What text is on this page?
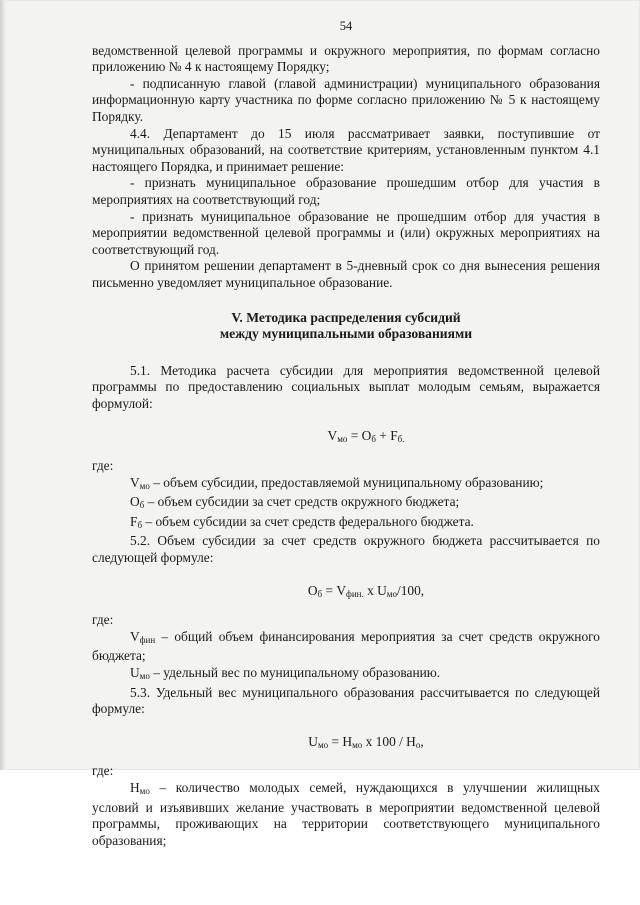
54

ведомственной целевой программы и окружного мероприятия, по формам согласно приложению № 4 к настоящему Порядку;

- подписанную главой (главой администрации) муниципального образования информационную карту участника по форме согласно приложению № 5 к настоящему Порядку.

4.4. Департамент до 15 июля рассматривает заявки, поступившие от муниципальных образований, на соответствие критериям, установленным пунктом 4.1 настоящего Порядка, и принимает решение:

- признать муниципальное образование прошедшим отбор для участия в мероприятиях на соответствующий год;

- признать муниципальное образование не прошедшим отбор для участия в мероприятии ведомственной целевой программы и (или) окружных мероприятиях на соответствующий год.

О принятом решении департамент в 5-дневный срок со дня вынесения решения письменно уведомляет муниципальное образование.

V. Методика распределения субсидий
между муниципальными образованиями

5.1. Методика расчета субсидии для мероприятия ведомственной целевой программы по предоставлению социальных выплат молодым семьям, выражается формулой:

$V_{мо} = O_б + F_{б.}$

где:

$V_{мо}$ – объем субсидии, предоставляемой муниципальному образованию;

$O_б$ – объем субсидии за счет средств окружного бюджета;

$F_б$ – объем субсидии за счет средств федерального бюджета.

5.2. Объем субсидии за счет средств окружного бюджета рассчитывается по следующей формуле:

$O_б = V_{фин.}$ x $U_{мо}/100$,

где:

$V_{фин}$ – общий объем финансирования мероприятия за счет средств окружного бюджета;

$U_{мо}$ – удельный вес по муниципальному образованию.

5.3. Удельный вес муниципального образования рассчитывается по следующей формуле:

$U_{мо} = H_{мо}$ x $100 / H_о$,

где:

$H_{мо}$ – количество молодых семей, нуждающихся в улучшении жилищных условий и изъявивших желание участвовать в мероприятии ведомственной целевой программы, проживающих на территории соответствующего муниципального образования;
